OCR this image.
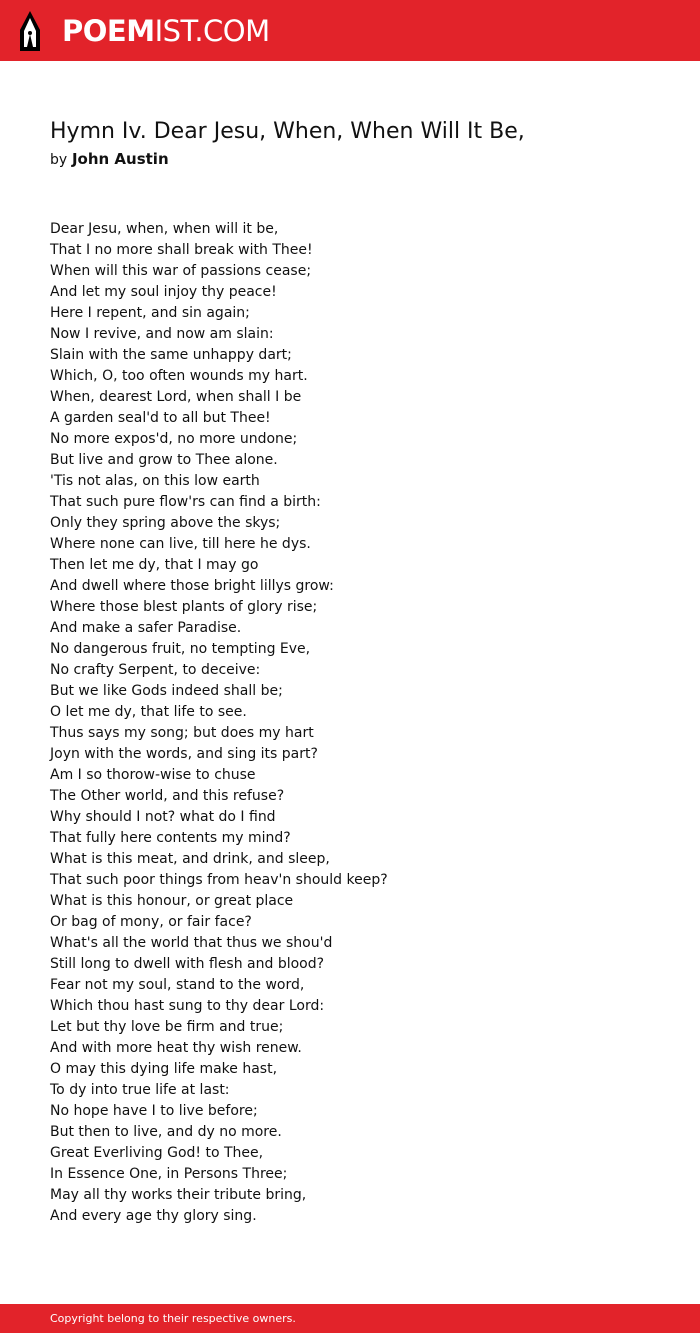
POEMIST.COM
Hymn Iv. Dear Jesu, When, When Will It Be,
by John Austin
Dear Jesu, when, when will it be,
That I no more shall break with Thee!
When will this war of passions cease;
And let my soul injoy thy peace!
Here I repent, and sin again;
Now I revive, and now am slain:
Slain with the same unhappy dart;
Which, O, too often wounds my hart.
When, dearest Lord, when shall I be
A garden seal'd to all but Thee!
No more expos'd, no more undone;
But live and grow to Thee alone.
'Tis not alas, on this low earth
That such pure flow'rs can find a birth:
Only they spring above the skys;
Where none can live, till here he dys.
Then let me dy, that I may go
And dwell where those bright lillys grow:
Where those blest plants of glory rise;
And make a safer Paradise.
No dangerous fruit, no tempting Eve,
No crafty Serpent, to deceive:
But we like Gods indeed shall be;
O let me dy, that life to see.
Thus says my song; but does my hart
Joyn with the words, and sing its part?
Am I so thorow-wise to chuse
The Other world, and this refuse?
Why should I not? what do I find
That fully here contents my mind?
What is this meat, and drink, and sleep,
That such poor things from heav'n should keep?
What is this honour, or great place
Or bag of mony, or fair face?
What's all the world that thus we shou'd
Still long to dwell with flesh and blood?
Fear not my soul, stand to the word,
Which thou hast sung to thy dear Lord:
Let but thy love be firm and true;
And with more heat thy wish renew.
O may this dying life make hast,
To dy into true life at last:
No hope have I to live before;
But then to live, and dy no more.
Great Everliving God! to Thee,
In Essence One, in Persons Three;
May all thy works their tribute bring,
And every age thy glory sing.
Copyright belong to their respective owners.
